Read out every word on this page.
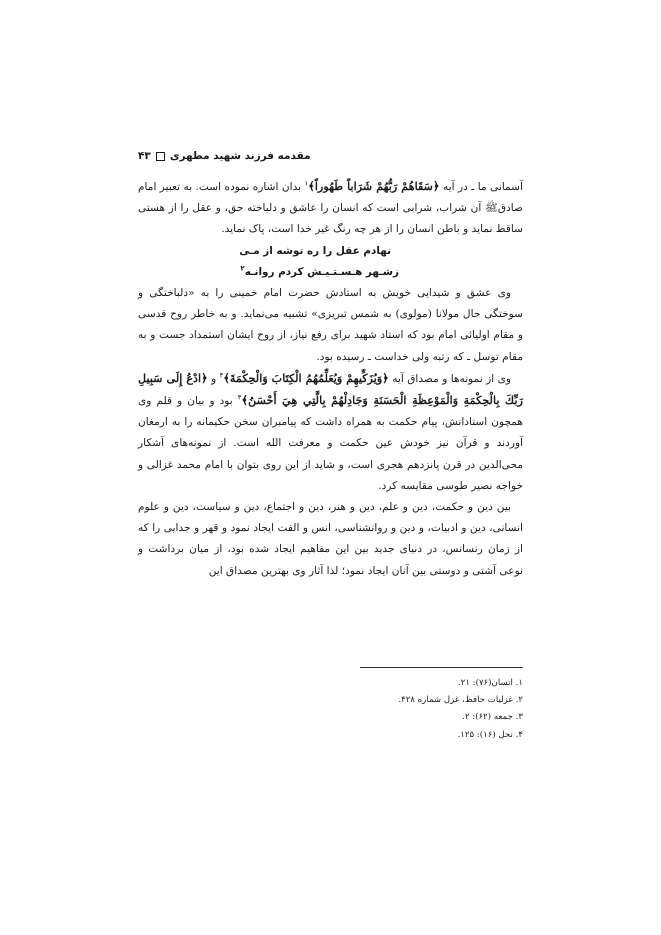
مقدمه فرزند شهید مطهری
۴۳

آسمانی ما ـ در آیه ﴿سَقَاهُمْ رَبُّهُمْ شَرَاباً طَهُوراً﴾$^۱$ بدان اشاره نموده است. به تعبیر امام صادقﷺ آن شراب، شرابی است که انسان را عاشق و دلباخته حق، و عقل را از هستی ساقط نماید و باطن انسان را از هر چه رنگ غیر خدا است، پاک نماید.

نهادم عقل را ره توشه از مـی
زشـهر هـسـتـیـش کردم روانـه$^۲$

وی عشق و شیدایی خویش به استادش حضرت امام خمینی را به «دلباختگی و سوختگی حال مولانا (مولوی) به شمس تبریزی» تشبیه می‌نماید. و به خاطر روح قدسی و مقام اولیائی امام بود که استاد شهید برای رفع نیاز، از روح ایشان استمداد جست و به مقام توسل ـ که رتبه ولی خداست ـ رسیده بود.

وی از نمونه‌ها و مصداق آیه ﴿وَيُزَكِّيهِمْ وَيُعَلِّمُهُمُ الْكِتَابَ وَالْحِكْمَةَ﴾$^۳$ و ﴿ادْعُ إِلَى سَبِيلِ رَبِّكَ بِالْحِكْمَةِ وَالْمَوْعِظَةِ الْحَسَنَةِ وَجَادِلْهُمْ بِالَّتِي هِيَ أَحْسَنُ﴾$^۴$ بود و بیان و قلم وی همچون استادانش، پیام حکمت به همراه داشت که پیامبران سخن حکیمانه را به ارمغان آوردند و قرآن نیز خودش عین حکمت و معرفت الله است. از نمونه‌های آشکار محی‌الدین در قرن پانزدهم هجری است، و شاید از این روی بتوان با امام محمد غزالی و خواجه نصیر طوسی مقایسه کرد.

بین دین و حکمت، دین و علم، دین و هنر، دین و اجتماع، دین و سیاست، دین و علوم انسانی، دین و ادبیات، و دین و روانشناسی، انس و الفت ایجاد نمود و قهر و جدایی را که از زمان رنسانس، در دنیای جدید بین این مفاهیم ایجاد شده بود، از میان برداشت و نوعی آشتی و دوستی بین آنان ایجاد نمود؛ لذا آثار وی بهترین مصداق این

۱. انسان(۷۶): ۲۱.
۲. غزلیات حافظ، غزل شماره ۴۲۸.
۳. جمعه (۶۲): ۲.
۴. نحل (۱۶): ۱۲۵.
